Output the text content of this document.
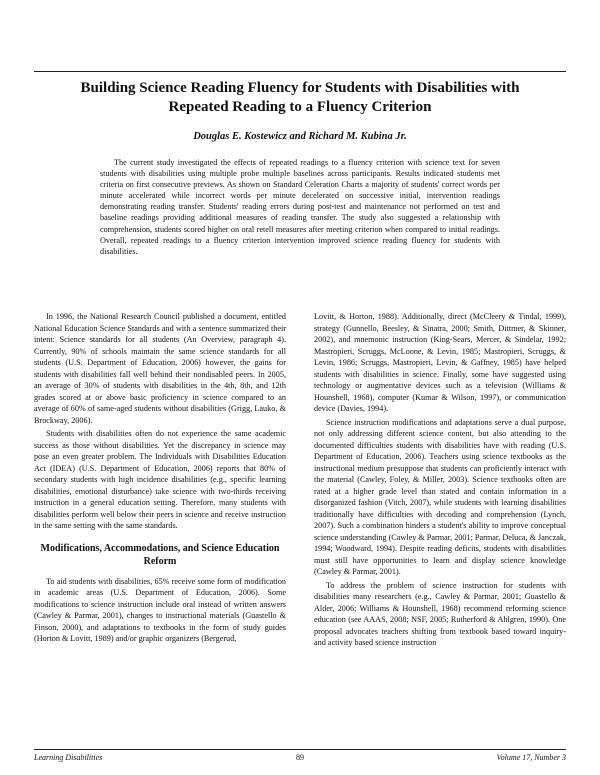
Building Science Reading Fluency for Students with Disabilities with
Repeated Reading to a Fluency Criterion
Douglas E. Kostewicz and Richard M. Kubina Jr.
The current study investigated the effects of repeated readings to a fluency criterion with science text for seven students with disabilities using multiple probe multiple baselines across participants. Results indicated students met criteria on first consecutive previews. As shown on Standard Celeration Charts a majority of students' correct words per minute accelerated while incorrect words per minute decelerated on successive initial, intervention readings demonstrating reading transfer. Students' reading errors during post-test and maintenance not performed on test and baseline readings providing additional measures of reading transfer. The study also suggested a relationship with comprehension, students scored higher on oral retell measures after meeting criterion when compared to initial readings. Overall, repeated readings to a fluency criterion intervention improved science reading fluency for students with disabilities.

In 1996, the National Research Council published a document, entitled National Education Science Standards and with a sentence summarized their intent: Science standards for all students (An Overview, paragraph 4). Currently, 90% of schools maintain the same science standards for all students (U.S. Department of Education, 2006) however, the gains for students with disabilities fall well behind their nondisabled peers. In 2005, an average of 30% of students with disabilities in the 4th, 8th, and 12th grades scored at or above basic proficiency in science compared to an average of 60% of same-aged students without disabilities (Grigg, Lauko, & Brockway, 2006).

Students with disabilities often do not experience the same academic success as those without disabilities. Yet the discrepancy in science may pose an even greater problem. The Individuals with Disabilities Education Act (IDEA) (U.S. Department of Education, 2006) reports that 80% of secondary students with high incidence disabilities (e.g., specific learning disabilities, emotional disturbance) take science with two-thirds receiving instruction in a general education setting. Therefore, many students with disabilities perform well below their peers in science and receive instruction in the same setting with the same standards.

Modifications, Accommodations, and Science Education Reform

To aid students with disabilities, 65% receive some form of modification in academic areas (U.S. Department of Education, 2006). Some modifications to science instruction include oral instead of written answers (Cawley & Parmar, 2001), changes to instructional materials (Guastello & Finson, 2000), and adaptations to textbooks in the form of study guides (Horton & Lovitt, 1989) and/or graphic organizers (Bergerud,

Lovitt, & Horton, 1988). Additionally, direct (McCleery & Tindal, 1999), strategy (Gunnello, Beesley, & Sinatra, 2000; Smith, Dittmer, & Skinner, 2002), and mnemonic instruction (King-Sears, Mercer, & Sindelar, 1992; Mastropieri, Scruggs, McLoone, & Levin, 1985; Mastropieri, Scruggs, & Levin, 1986; Scruggs, Mastropieri, Levin, & Gaffney, 1985) have helped students with disabilities in science. Finally, some have suggested using technology or augmentative devices such as a television (Williams & Hounshell, 1968), computer (Kumar & Wilson, 1997), or communication device (Davies, 1994).

Science instruction modifications and adaptations serve a dual purpose, not only addressing different science content, but also attending to the documented difficulties students with disabilities have with reading (U.S. Department of Education, 2006). Teachers using science textbooks as the instructional medium presuppose that students can proficiently interact with the material (Cawley, Foley, & Miller, 2003). Science textbooks often are rated at a higher grade level than stated and contain information in a disorganized fashion (Vitch, 2007), while students with learning disabilities traditionally have difficulties with decoding and comprehension (Lynch, 2007). Such a combination hinders a student's ability to improve conceptual science understanding (Cawley & Parmar, 2001; Parmar, Deluca, & Janczak, 1994; Woodward, 1994). Despite reading deficits, students with disabilities must still have opportunities to learn and display science knowledge (Cawley & Parmar, 2001).

To address the problem of science instruction for students with disabilities many researchers (e.g., Cawley & Parmar, 2001; Guastello & Alder, 2006; Williams & Hounshell, 1968) recommend reforming science education (see AAAS, 2008; NSF, 2005; Rutherford & Ahlgren, 1990). One proposal advocates teachers shifting from textbook based toward inquiry- and activity based science instruction

Learning Disabilities	89	Volume 17, Number 3
